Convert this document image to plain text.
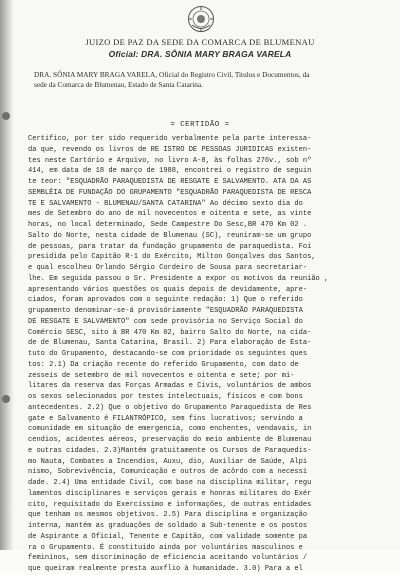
JUIZO DE PAZ DA SEDE DA COMARCA DE BLUMENAU
Oficial: DRA. SÔNIA MARY BRAGA VARELA
DRA. SÔNIA MARY BRAGA VARELA, Oficial do Registro Civil, Titulos e Documentos, da
sede da Comarca de Blumenau, Estado de Santa Catarina.
= CERTIDÃO =
Certifico, por ter sido requerido verbalmente pela parte interessa-
da que, revendo os livros de RE ISTRO DE PESSOAS JURIDICAS existen-
tes neste Cartório e Arquivo, no livro A-8, às folhas 276v., sob nº
414, em data de 18 de março de 1988, encontrei o registro de seguin
te teor: "ESQUADRÃO PARAQUEDISTA DE RESGATE E SALVAMENTO. ATA DA AS
SEMBLÉIA DE FUNDAÇÃO DO GRUPAMENTO "ESQUADRÃO PARAQUEDISTA DE RESCA
TE E SALVAMENTO - BLUMENAU/SANTA CATARINA" Ao décimo sexto dia do
mes de Setembro do ano de mil novecentos e oitenta e sete, as vinte
horas, no local determinado, Sede Campestre Do Sesc,BR 470 Km 02 .
Salto do Norte, nesta cidade de Blumenau (SC), reuniram-se um grupo
de pessoas, para tratar da fundação grupamento de paraquedista. Foi
presidida pelo Capitão R-1 do Exército, Milton Gonçalves dos Santos,
e qual escolheu Orlando Sérgio Cordeiro de Sousa para secretariar-
lhe. Em seguida passou o Sr. Presidente a expor os motivos da reunião ,
apresentando vários questões os quais depois de devidamente, apre-
ciados, foram aprovados com o seguinte redação: 1) Que o referido
grupamento denominar-se-á provisóriamente "ESQUADRÃO PARAQUEDISTA
DE RESGATE E SALVAMENTO" com sede provisória no Serviço Social do
Comércio SESC, sito à BR 470 Km 02, bairro Salto do Norte, na cida-
de de Blumenau, Santa Catarina, Brasil. 2) Para elaboração de Esta-
tuto do Grupamento, destacando-se com prioridade os seguintes ques
tos: 2.1) Da criação recente do referido Grupamento, com dato de
zesseis de setembro de mil novecentos e oitenta e sete; por mi-
litares da reserva das Forças Armadas e Civis, voluntários de ambos
os sexos selecionados por testes intelectuais, físicos e com bons
antecedentes. 2.2) Que o objetivo do Grupamento Paraquedista de Res
gate e Salvamento é FILANTRÓPICO, sem fins lucrativos; servindo a
comunidade em situação de emergencia, como enchentes, vendavais, in
cendios, acidentes aéreos, preservação do meio ambiente de Blumenau
e outras cidades. 2.3)Mantém gratuitamente os Cursos de Paraquedis-
mo Nauta, Combates a Incendios, Auxu, dio, Auxiliar de Saúde, Alpi
nismo, Sobrevivência, Comunicação e outros de acôrdo com a necessi
dade. 2.4) Uma entidade Civil, com base na disciplina militar, regu
lamentos disciplinares e serviços gerais e honras militares do Exér
cito, requisitado do Exercíssimo e informações, de outras entidades
que tenham os mesmos objetivos. 2.5) Para disciplina e organização
interna, mantém as graduações de soldado a Sub-tenente e os postos
de Aspirante a Oficial, Tenente e Capitão, com validade somente pa
ra o Grupamento. É constituído ainda por voluntários masculinos e
femininos, sem discriminação de eficiencia aceitando voluntários /
que queiram realmente presta auxflio à humanidade. 3.0) Para a el
